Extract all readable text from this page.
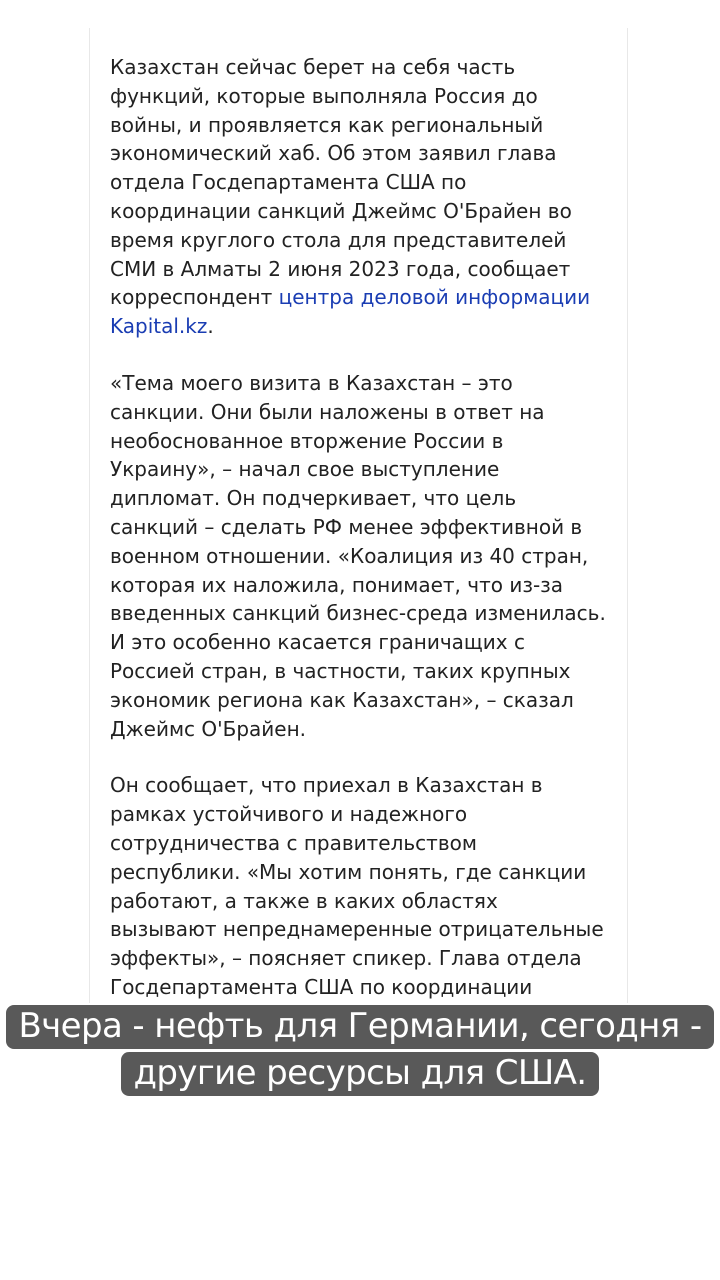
Казахстан сейчас берет на себя часть функций, которые выполняла Россия до войны, и проявляется как региональный экономический хаб. Об этом заявил глава отдела Госдепартамента США по координации санкций Джеймс О'Брайен во время круглого стола для представителей СМИ в Алматы 2 июня 2023 года, сообщает корреспондент центра деловой информации Kapital.kz.

«Тема моего визита в Казахстан – это санкции. Они были наложены в ответ на необоснованное вторжение России в Украину», – начал свое выступление дипломат. Он подчеркивает, что цель санкций – сделать РФ менее эффективной в военном отношении. «Коалиция из 40 стран, которая их наложила, понимает, что из-за введенных санкций бизнес-среда изменилась. И это особенно касается граничащих с Россией стран, в частности, таких крупных экономик региона как Казахстан», – сказал Джеймс О'Брайен.

Он сообщает, что приехал в Казахстан в рамках устойчивого и надежного сотрудничества с правительством республики. «Мы хотим понять, где санкции работают, а также в каких областях вызывают непреднамеренные отрицательные эффекты», – поясняет спикер. Глава отдела Госдепартамента США по координации

Вчера - нефть для Германии, сегодня - другие ресурсы для США.
